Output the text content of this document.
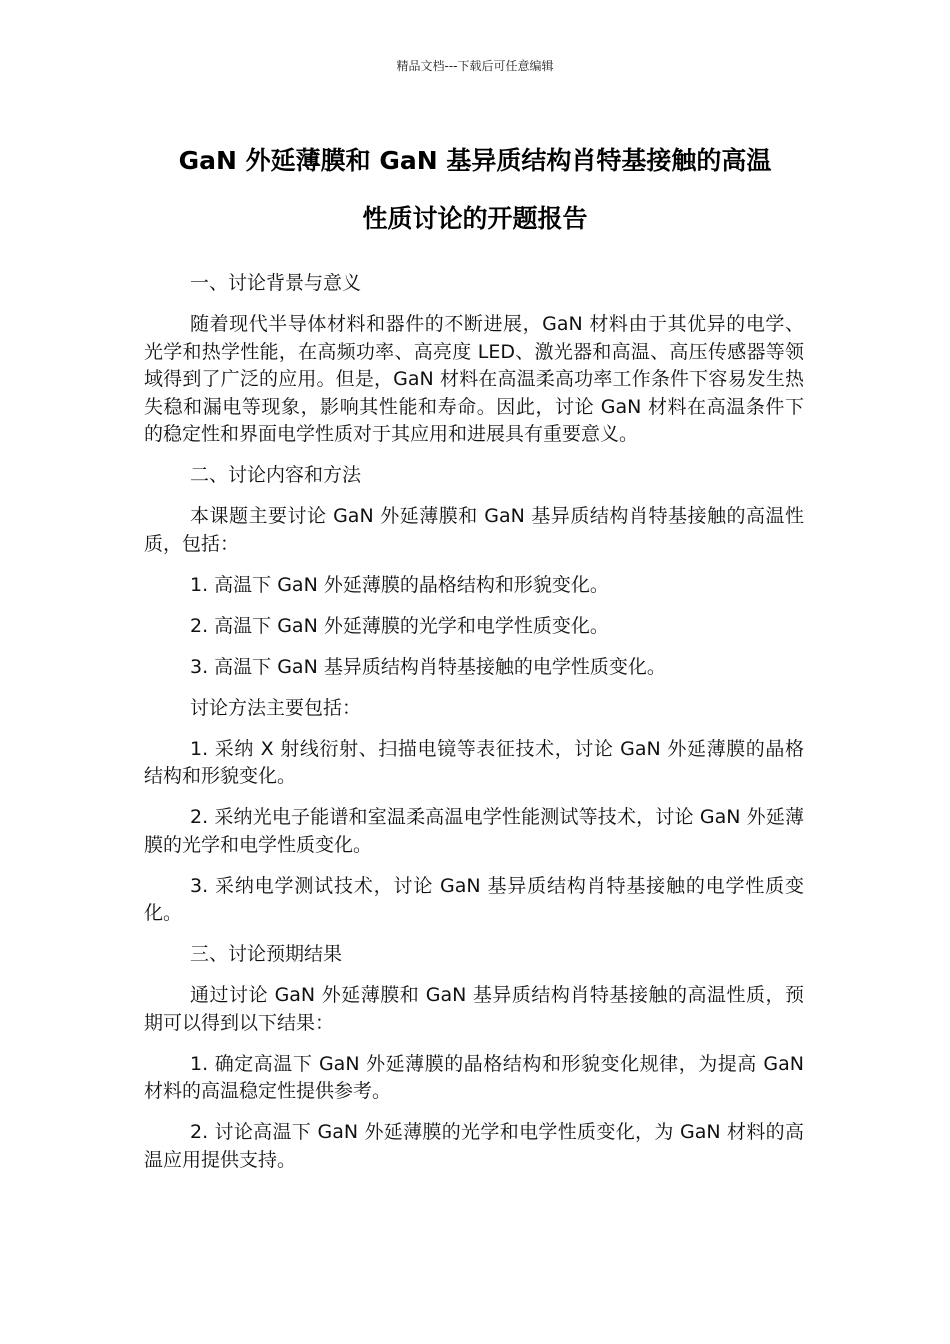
精品文档---下载后可任意编辑
GaN 外延薄膜和 GaN 基异质结构肖特基接触的高温
性质讨论的开题报告

一、讨论背景与意义

随着现代半导体材料和器件的不断进展，GaN 材料由于其优异的电学、光学和热学性能，在高频功率、高亮度 LED、激光器和高温、高压传感器等领域得到了广泛的应用。但是，GaN 材料在高温柔高功率工作条件下容易发生热失稳和漏电等现象，影响其性能和寿命。因此，讨论 GaN 材料在高温条件下的稳定性和界面电学性质对于其应用和进展具有重要意义。

二、讨论内容和方法

本课题主要讨论 GaN 外延薄膜和 GaN 基异质结构肖特基接触的高温性质，包括：

1. 高温下 GaN 外延薄膜的晶格结构和形貌变化。

2. 高温下 GaN 外延薄膜的光学和电学性质变化。

3. 高温下 GaN 基异质结构肖特基接触的电学性质变化。

讨论方法主要包括：

1. 采纳 X 射线衍射、扫描电镜等表征技术，讨论 GaN 外延薄膜的晶格结构和形貌变化。

2. 采纳光电子能谱和室温柔高温电学性能测试等技术，讨论 GaN 外延薄膜的光学和电学性质变化。

3. 采纳电学测试技术，讨论 GaN 基异质结构肖特基接触的电学性质变化。

三、讨论预期结果

通过讨论 GaN 外延薄膜和 GaN 基异质结构肖特基接触的高温性质，预期可以得到以下结果：

1. 确定高温下 GaN 外延薄膜的晶格结构和形貌变化规律，为提高 GaN 材料的高温稳定性提供参考。

2. 讨论高温下 GaN 外延薄膜的光学和电学性质变化，为 GaN 材料的高温应用提供支持。
